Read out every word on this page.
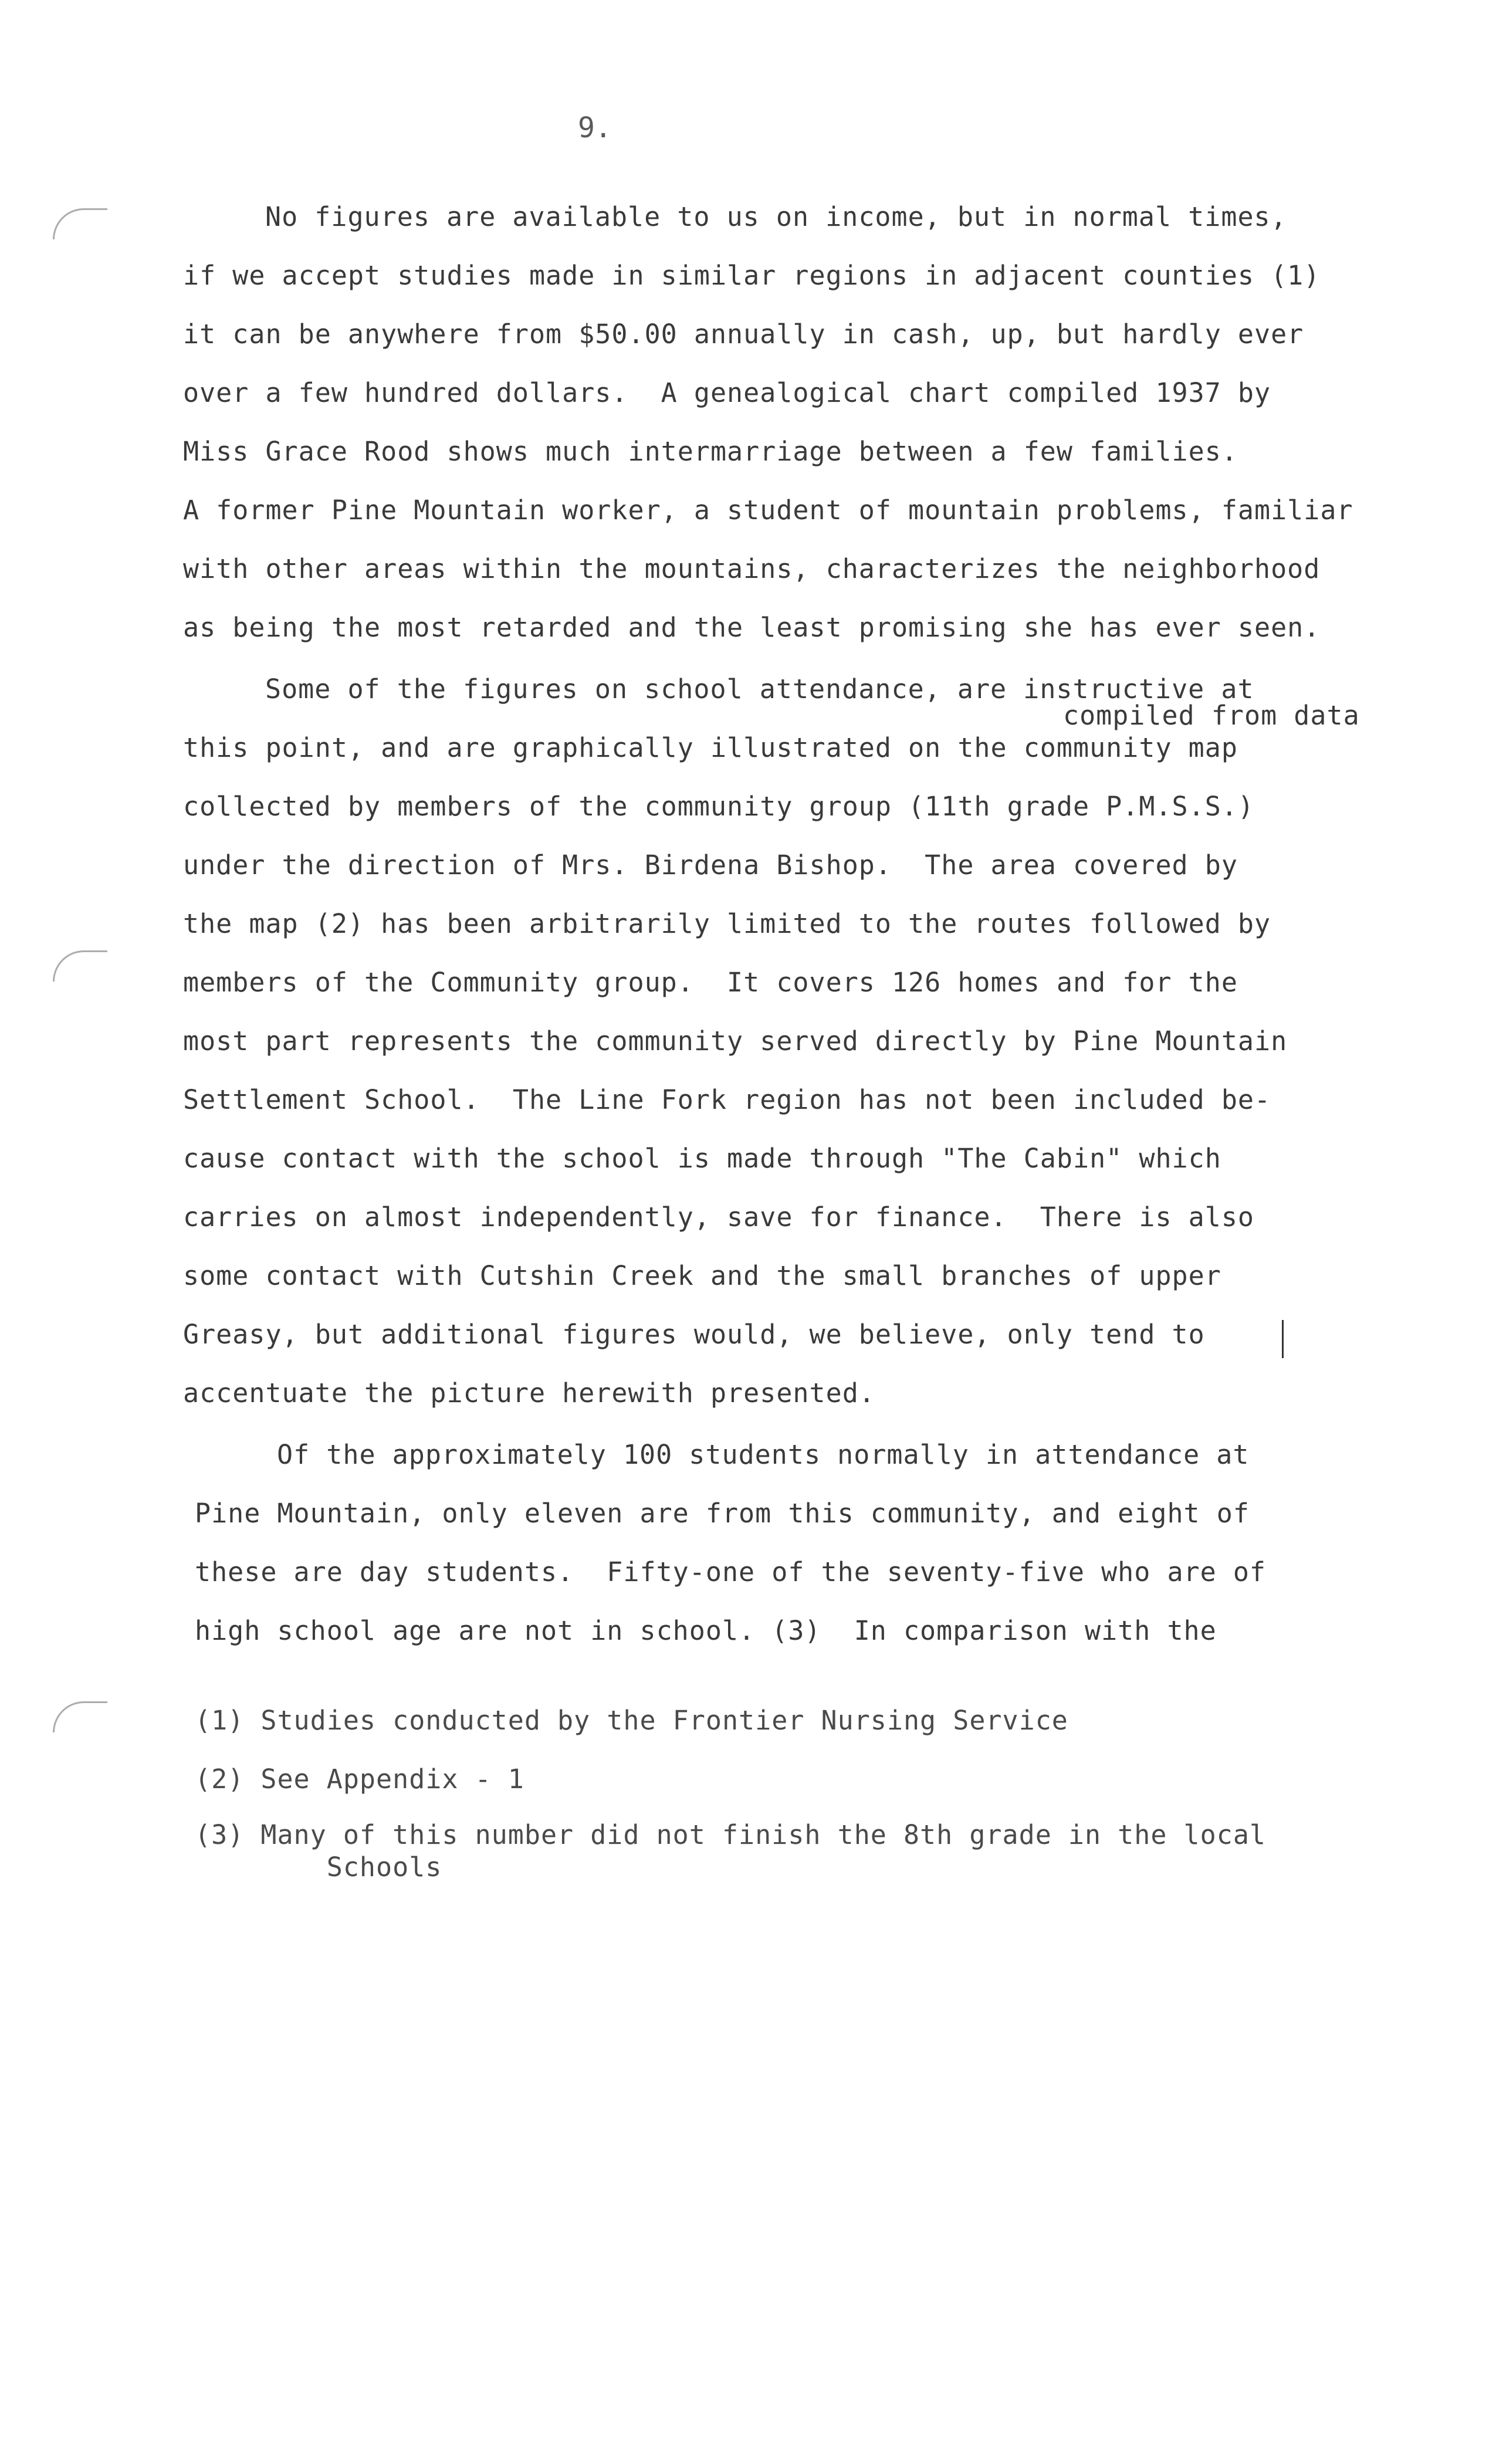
9.
No figures are available to us on income, but in normal times,
if we accept studies made in similar regions in adjacent counties (1)
it can be anywhere from $50.00 annually in cash, up, but hardly ever
over a few hundred dollars.  A genealogical chart compiled 1937 by
Miss Grace Rood shows much intermarriage between a few families.
A former Pine Mountain worker, a student of mountain problems, familiar
with other areas within the mountains, characterizes the neighborhood
as being the most retarded and the least promising she has ever seen.
Some of the figures on school attendance, are instructive at
compiled from data
this point, and are graphically illustrated on the community map
collected by members of the community group (11th grade P.M.S.S.)
under the direction of Mrs. Birdena Bishop.  The area covered by
the map (2) has been arbitrarily limited to the routes followed by
members of the Community group.  It covers 126 homes and for the
most part represents the community served directly by Pine Mountain
Settlement School.  The Line Fork region has not been included be-
cause contact with the school is made through "The Cabin" which
carries on almost independently, save for finance.  There is also
some contact with Cutshin Creek and the small branches of upper
Greasy, but additional figures would, we believe, only tend to
accentuate the picture herewith presented.
Of the approximately 100 students normally in attendance at
Pine Mountain, only eleven are from this community, and eight of
these are day students.  Fifty-one of the seventy-five who are of
high school age are not in school. (3)  In comparison with the
(1) Studies conducted by the Frontier Nursing Service
(2) See Appendix - 1
(3) Many of this number did not finish the 8th grade in the local
Schools
